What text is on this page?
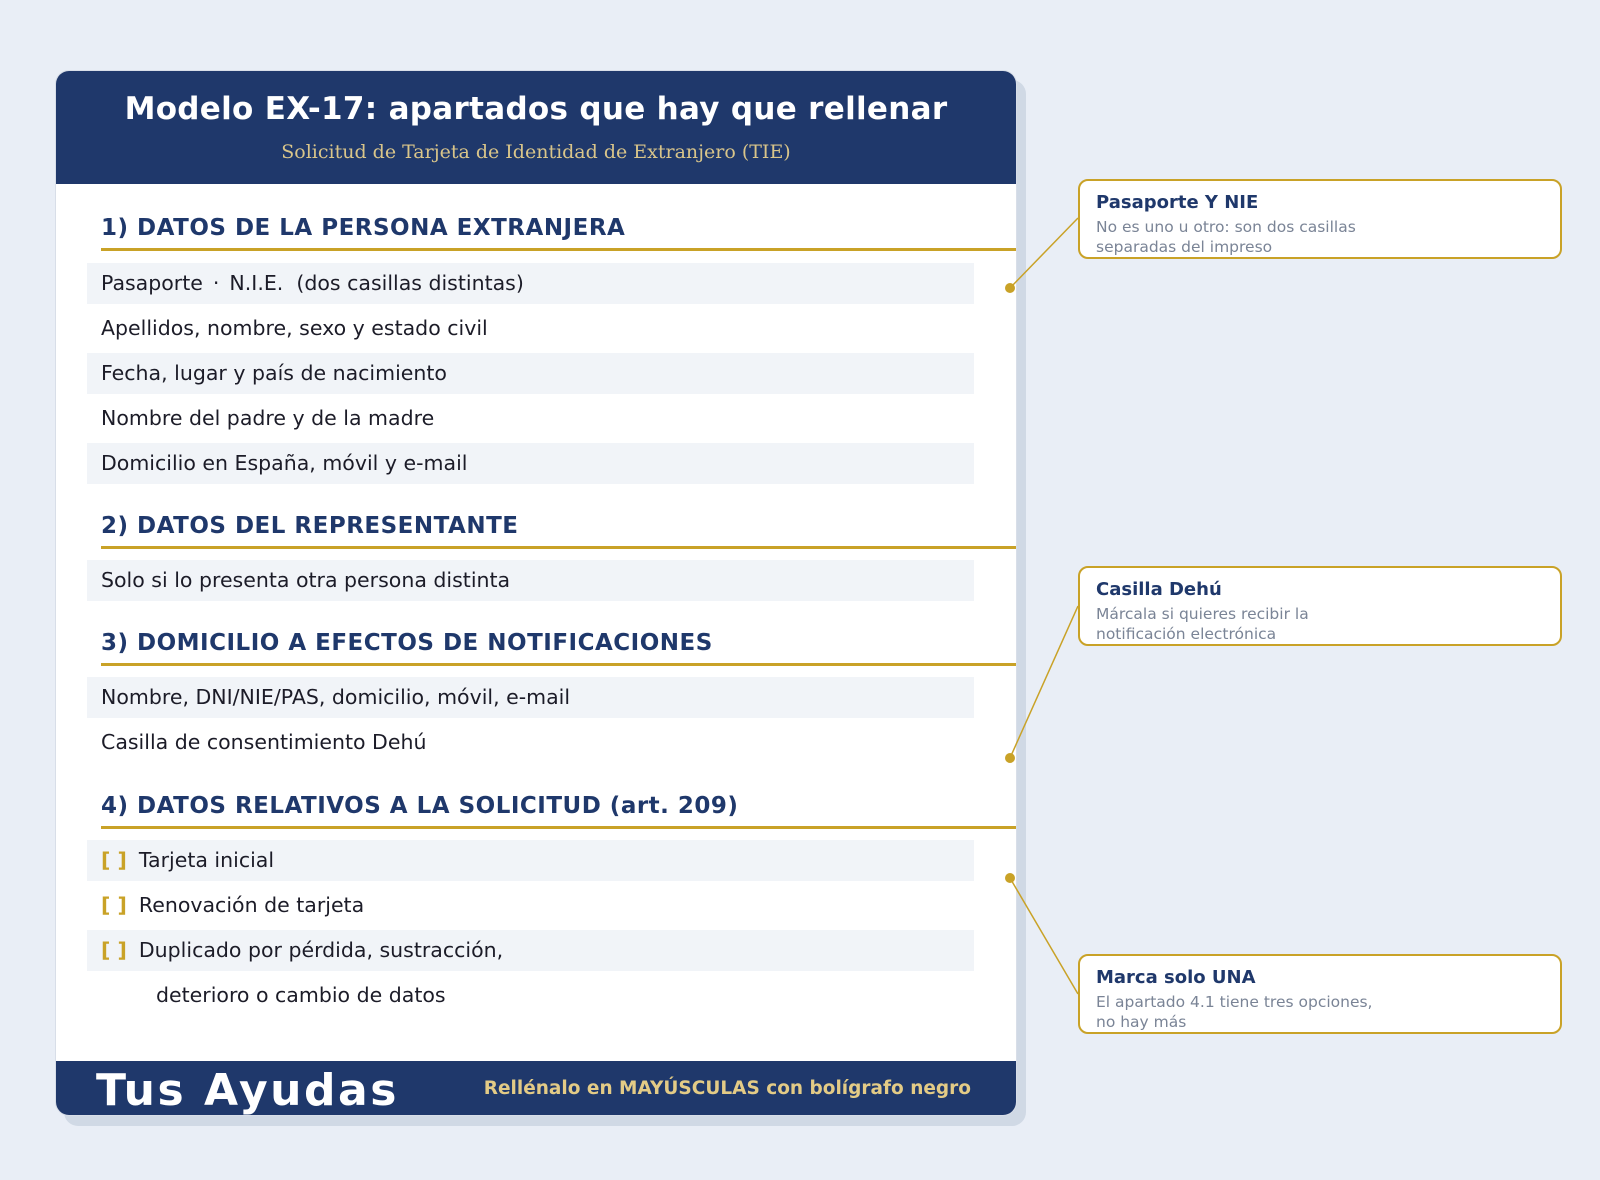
Modelo EX-17: apartados que hay que rellenar
Solicitud de Tarjeta de Identidad de Extranjero (TIE)
1) DATOS DE LA PERSONA EXTRANJERA
Pasaporte · N.I.E. (dos casillas distintas)
Apellidos, nombre, sexo y estado civil
Fecha, lugar y país de nacimiento
Nombre del padre y de la madre
Domicilio en España, móvil y e-mail
2) DATOS DEL REPRESENTANTE
Solo si lo presenta otra persona distinta
3) DOMICILIO A EFECTOS DE NOTIFICACIONES
Nombre, DNI/NIE/PAS, domicilio, móvil, e-mail
Casilla de consentimiento Dehú
4) DATOS RELATIVOS A LA SOLICITUD (art. 209)
[ ] Tarjeta inicial
[ ] Renovación de tarjeta
[ ] Duplicado por pérdida, sustracción,
deterioro o cambio de datos
Tus Ayudas	Rellénalo en MAYÚSCULAS con bolígrafo negro
Pasaporte Y NIE
No es uno u otro: son dos casillas separadas del impreso
Casilla Dehú
Márcala si quieres recibir la notificación electrónica
Marca solo UNA
El apartado 4.1 tiene tres opciones, no hay más
